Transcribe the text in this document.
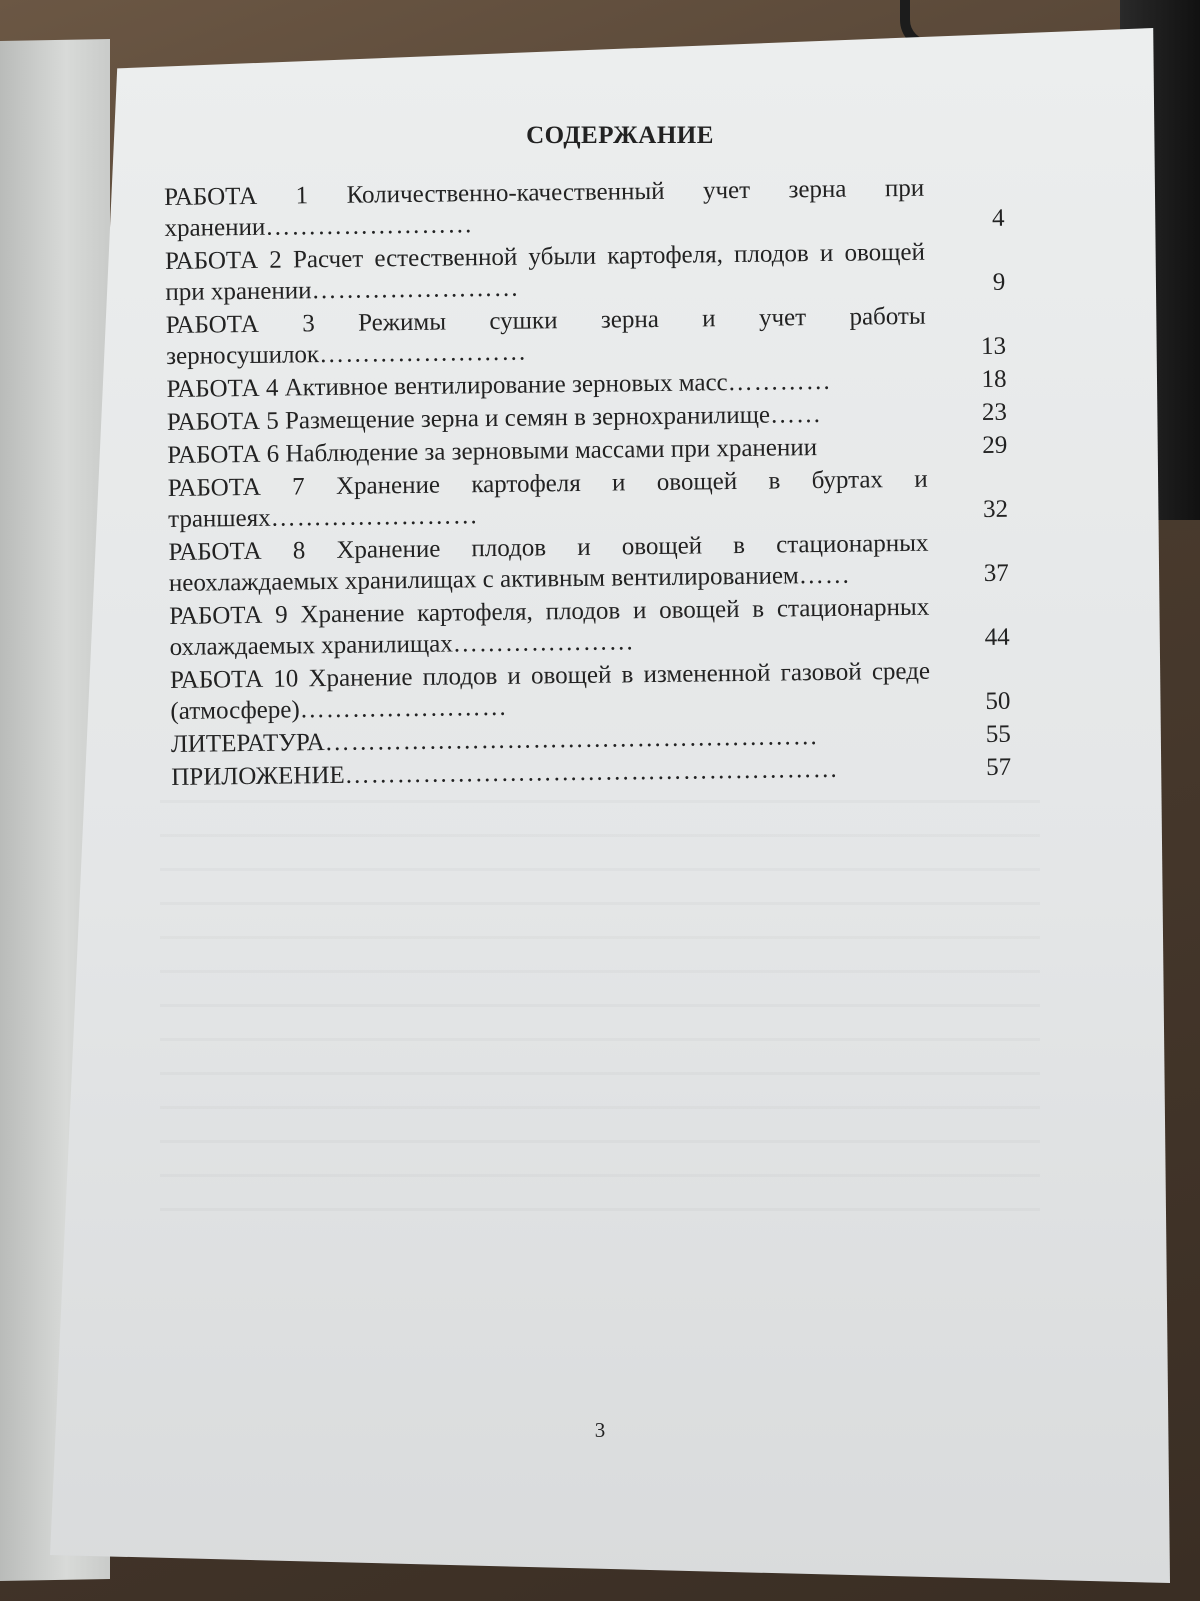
СОДЕРЖАНИЕ
РАБОТА 1 Количественно-качественный учет зерна при хранении……………………	4
РАБОТА 2 Расчет естественной убыли картофеля, плодов и овощей при хранении……………………	9
РАБОТА 3 Режимы сушки зерна и учет работы зерносушилок……………………	13
РАБОТА 4 Активное вентилирование зерновых масс…………	18
РАБОТА 5 Размещение зерна и семян в зернохранилище……	23
РАБОТА 6 Наблюдение за зерновыми массами при хранении	29
РАБОТА 7 Хранение картофеля и овощей в буртах и траншеях……………………	32
РАБОТА 8 Хранение плодов и овощей в стационарных неохлаждаемых хранилищах с активным вентилированием……	37
РАБОТА 9 Хранение картофеля, плодов и овощей в стационарных охлаждаемых хранилищах…………………	44
РАБОТА 10 Хранение плодов и овощей в измененной газовой среде (атмосфере)……………………	50
ЛИТЕРАТУРА…………………………………………………	55
ПРИЛОЖЕНИЕ…………………………………………………	57
3
